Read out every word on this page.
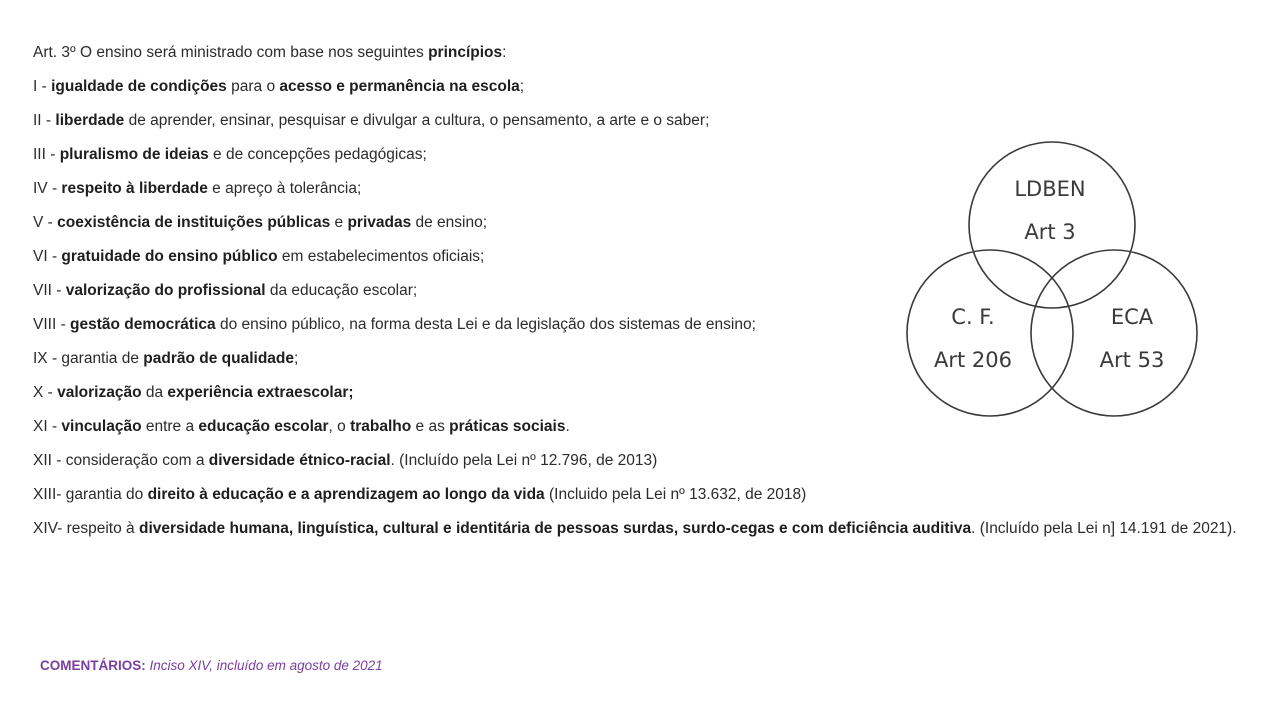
Art. 3º O ensino será ministrado com base nos seguintes princípios:
I - igualdade de condições para o acesso e permanência na escola;
II - liberdade de aprender, ensinar, pesquisar e divulgar a cultura, o pensamento, a arte e o saber;
III - pluralismo de ideias e de concepções pedagógicas;
IV - respeito à liberdade e apreço à tolerância;
V - coexistência de instituições públicas e privadas de ensino;
VI - gratuidade do ensino público em estabelecimentos oficiais;
VII - valorização do profissional da educação escolar;
VIII - gestão democrática do ensino público, na forma desta Lei e da legislação dos sistemas de ensino;
IX - garantia de padrão de qualidade;
X - valorização da experiência extraescolar;
XI - vinculação entre a educação escolar, o trabalho e as práticas sociais.
XII - consideração com a diversidade étnico-racial. (Incluído pela Lei nº 12.796, de 2013)
XIII- garantia do direito à educação e a aprendizagem ao longo da vida (Incluido pela Lei nº 13.632, de 2018)
XIV- respeito à diversidade humana, linguística, cultural e identitária de pessoas surdas, surdo-cegas e com deficiência auditiva. (Incluído pela Lei n] 14.191 de 2021).
LDBEN
Art 3
C. F.
Art 206
ECA
Art 53
COMENTÁRIOS: Inciso XIV, incluído em agosto de 2021
